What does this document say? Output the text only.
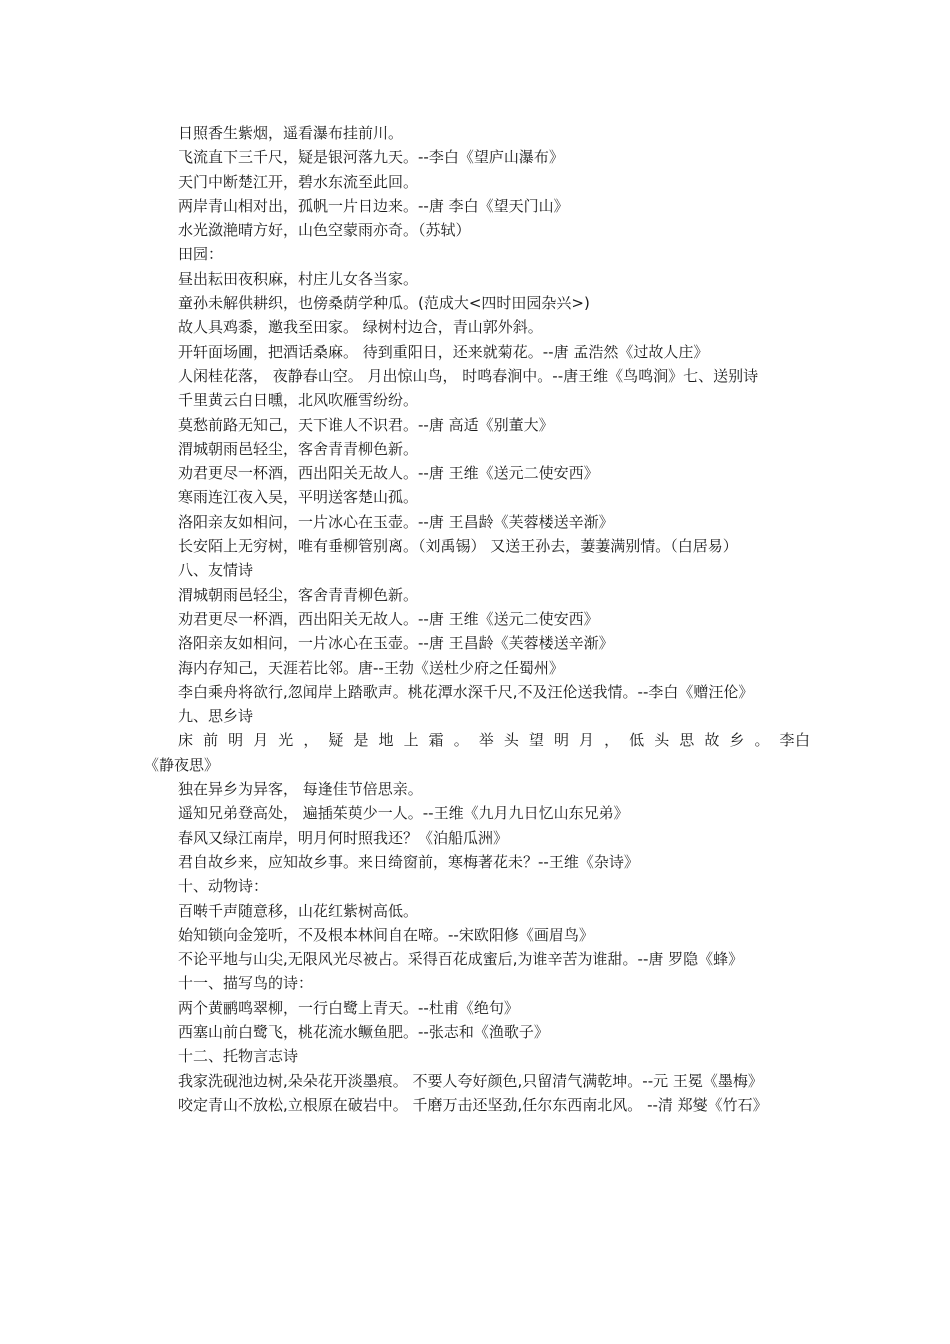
日照香生紫烟，遥看瀑布挂前川。
飞流直下三千尺，疑是银河落九天。--李白《望庐山瀑布》
天门中断楚江开，碧水东流至此回。
两岸青山相对出，孤帆一片日边来。--唐 李白《望天门山》
水光潋滟晴方好，山色空蒙雨亦奇。（苏轼）
田园：
昼出耘田夜积麻，村庄儿女各当家。
童孙未解供耕织，也傍桑荫学种瓜。(范成大<四时田园杂兴>)
故人具鸡黍，邀我至田家。 绿树村边合，青山郭外斜。
开轩面场圃，把酒话桑麻。 待到重阳日，还来就菊花。--唐 孟浩然《过故人庄》
人闲桂花落， 夜静春山空。 月出惊山鸟， 时鸣春涧中。--唐王维《鸟鸣涧》七、送别诗
千里黄云白日曛，北风吹雁雪纷纷。
莫愁前路无知己，天下谁人不识君。--唐 高适《别董大》
渭城朝雨邑轻尘，客舍青青柳色新。
劝君更尽一杯酒，西出阳关无故人。--唐 王维《送元二使安西》
寒雨连江夜入吴，平明送客楚山孤。
洛阳亲友如相问，一片冰心在玉壶。--唐 王昌龄《芙蓉楼送辛渐》
长安陌上无穷树，唯有垂柳管别离。（刘禹锡） 又送王孙去，萋萋满别情。（白居易）
八、友情诗
渭城朝雨邑轻尘，客舍青青柳色新。
劝君更尽一杯酒，西出阳关无故人。--唐 王维《送元二使安西》
洛阳亲友如相问，一片冰心在玉壶。--唐 王昌龄《芙蓉楼送辛渐》
海内存知己，天涯若比邻。唐--王勃《送杜少府之任蜀州》
李白乘舟将欲行,忽闻岸上踏歌声。桃花潭水深千尺,不及汪伦送我情。--李白《赠汪伦》
九、思乡诗
床前明月光，疑是地上霜。举头望明月，低头思故乡。李白《静夜思》
独在异乡为异客， 每逢佳节倍思亲。
遥知兄弟登高处， 遍插茱萸少一人。--王维《九月九日忆山东兄弟》
春风又绿江南岸，明月何时照我还？《泊船瓜洲》
君自故乡来，应知故乡事。来日绮窗前，寒梅著花未？--王维《杂诗》
十、动物诗：
百啭千声随意移，山花红紫树高低。
始知锁向金笼听，不及根本林间自在啼。--宋欧阳修《画眉鸟》
不论平地与山尖,无限风光尽被占。采得百花成蜜后,为谁辛苦为谁甜。--唐 罗隐《蜂》
十一、描写鸟的诗：
两个黄鹂鸣翠柳，一行白鹭上青天。--杜甫《绝句》
西塞山前白鹭飞，桃花流水鳜鱼肥。--张志和《渔歌子》
十二、托物言志诗
我家洗砚池边树,朵朵花开淡墨痕。 不要人夸好颜色,只留清气满乾坤。--元 王冕《墨梅》
咬定青山不放松,立根原在破岩中。 千磨万击还坚劲,任尔东西南北风。 --清 郑燮《竹石》
